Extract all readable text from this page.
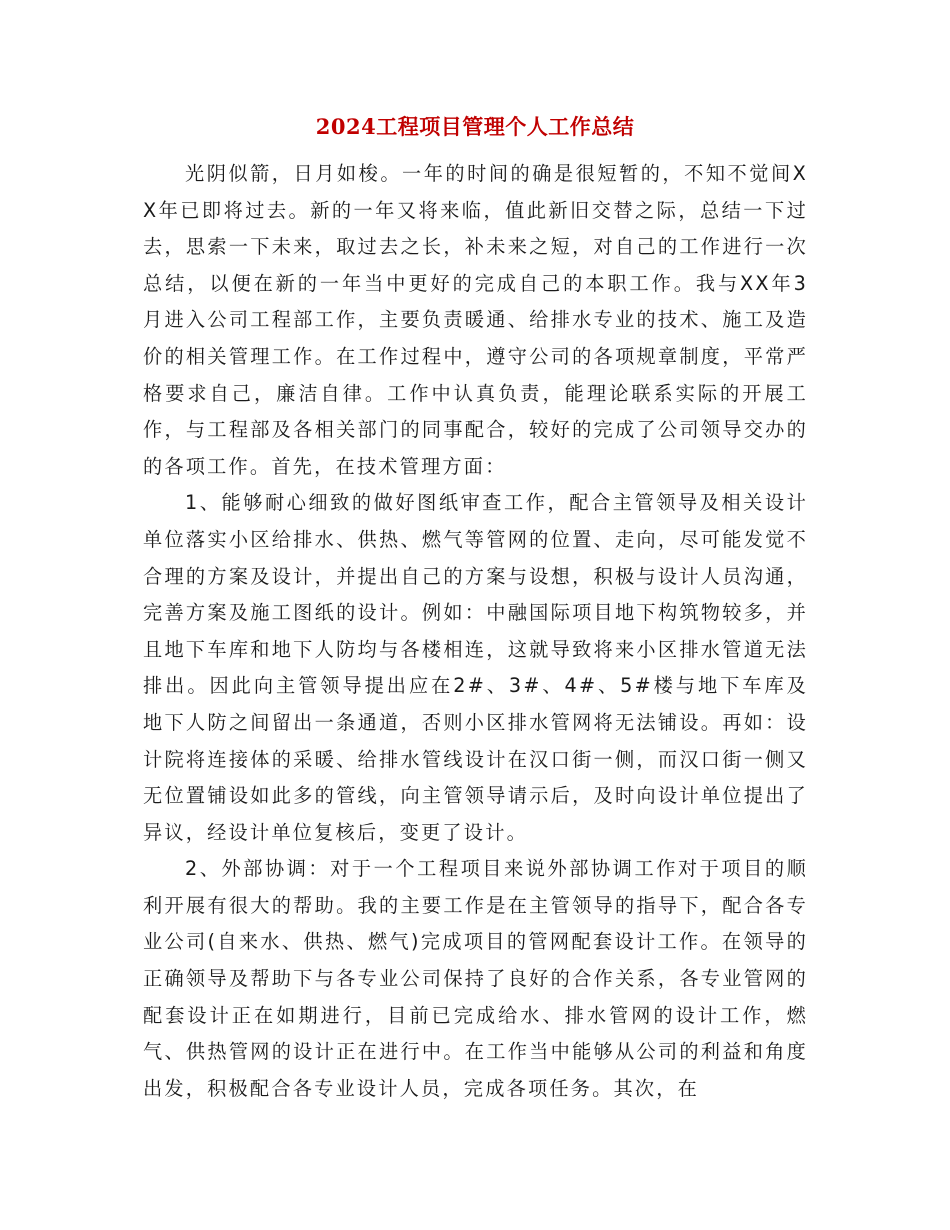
2024工程项目管理个人工作总结

光阴似箭，日月如梭。一年的时间的确是很短暂的，不知不觉间XX年已即将过去。新的一年又将来临，值此新旧交替之际，总结一下过去，思索一下未来，取过去之长，补未来之短，对自己的工作进行一次总结，以便在新的一年当中更好的完成自己的本职工作。我与XX年3月进入公司工程部工作，主要负责暖通、给排水专业的技术、施工及造价的相关管理工作。在工作过程中，遵守公司的各项规章制度，平常严格要求自己，廉洁自律。工作中认真负责，能理论联系实际的开展工作，与工程部及各相关部门的同事配合，较好的完成了公司领导交办的的各项工作。首先，在技术管理方面：

1、能够耐心细致的做好图纸审查工作，配合主管领导及相关设计单位落实小区给排水、供热、燃气等管网的位置、走向，尽可能发觉不合理的方案及设计，并提出自己的方案与设想，积极与设计人员沟通，完善方案及施工图纸的设计。例如：中融国际项目地下构筑物较多，并且地下车库和地下人防均与各楼相连，这就导致将来小区排水管道无法排出。因此向主管领导提出应在2#、3#、4#、5#楼与地下车库及地下人防之间留出一条通道，否则小区排水管网将无法铺设。再如：设计院将连接体的采暖、给排水管线设计在汉口街一侧，而汉口街一侧又无位置铺设如此多的管线，向主管领导请示后，及时向设计单位提出了异议，经设计单位复核后，变更了设计。

2、外部协调：对于一个工程项目来说外部协调工作对于项目的顺利开展有很大的帮助。我的主要工作是在主管领导的指导下，配合各专业公司(自来水、供热、燃气)完成项目的管网配套设计工作。在领导的正确领导及帮助下与各专业公司保持了良好的合作关系，各专业管网的配套设计正在如期进行，目前已完成给水、排水管网的设计工作，燃气、供热管网的设计正在进行中。在工作当中能够从公司的利益和角度出发，积极配合各专业设计人员，完成各项任务。其次，在
